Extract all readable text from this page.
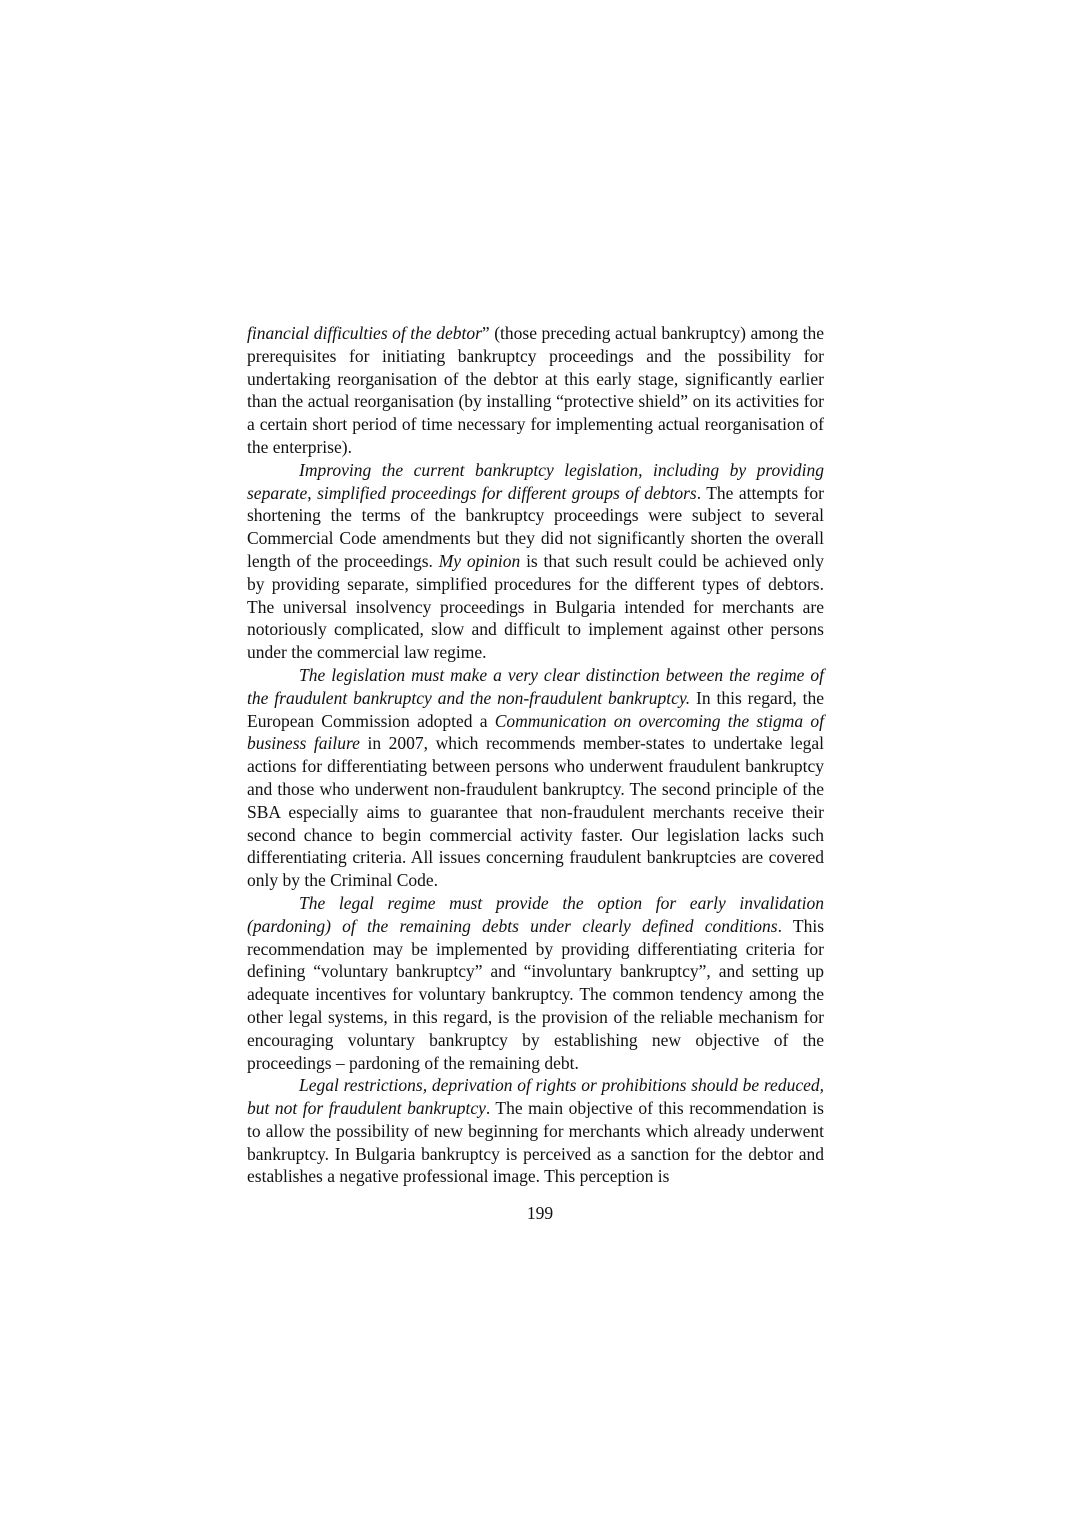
financial difficulties of the debtor” (those preceding actual bankruptcy) among the prerequisites for initiating bankruptcy proceedings and the possibility for undertaking reorganisation of the debtor at this early stage, significantly earlier than the actual reorganisation (by installing “protective shield” on its activities for a certain short period of time necessary for implementing actual reorganisation of the enterprise).

Improving the current bankruptcy legislation, including by providing separate, simplified proceedings for different groups of debtors. The attempts for shortening the terms of the bankruptcy proceedings were subject to several Commercial Code amendments but they did not significantly shorten the overall length of the proceedings. My opinion is that such result could be achieved only by providing separate, simplified procedures for the different types of debtors. The universal insolvency proceedings in Bulgaria intended for merchants are notoriously complicated, slow and difficult to implement against other persons under the commercial law regime.

The legislation must make a very clear distinction between the regime of the fraudulent bankruptcy and the non-fraudulent bankruptcy. In this regard, the European Commission adopted a Communication on overcoming the stigma of business failure in 2007, which recommends member-states to undertake legal actions for differentiating between persons who underwent fraudulent bankruptcy and those who underwent non-fraudulent bankruptcy. The second principle of the SBA especially aims to guarantee that non-fraudulent merchants receive their second chance to begin commercial activity faster. Our legislation lacks such differentiating criteria. All issues concerning fraudulent bankruptcies are covered only by the Criminal Code.

The legal regime must provide the option for early invalidation (pardoning) of the remaining debts under clearly defined conditions. This recommendation may be implemented by providing differentiating criteria for defining “voluntary bankruptcy” and “involuntary bankruptcy”, and setting up adequate incentives for voluntary bankruptcy. The common tendency among the other legal systems, in this regard, is the provision of the reliable mechanism for encouraging voluntary bankruptcy by establishing new objective of the proceedings – pardoning of the remaining debt.

Legal restrictions, deprivation of rights or prohibitions should be reduced, but not for fraudulent bankruptcy. The main objective of this recommendation is to allow the possibility of new beginning for merchants which already underwent bankruptcy. In Bulgaria bankruptcy is perceived as a sanction for the debtor and establishes a negative professional image. This perception is

199
